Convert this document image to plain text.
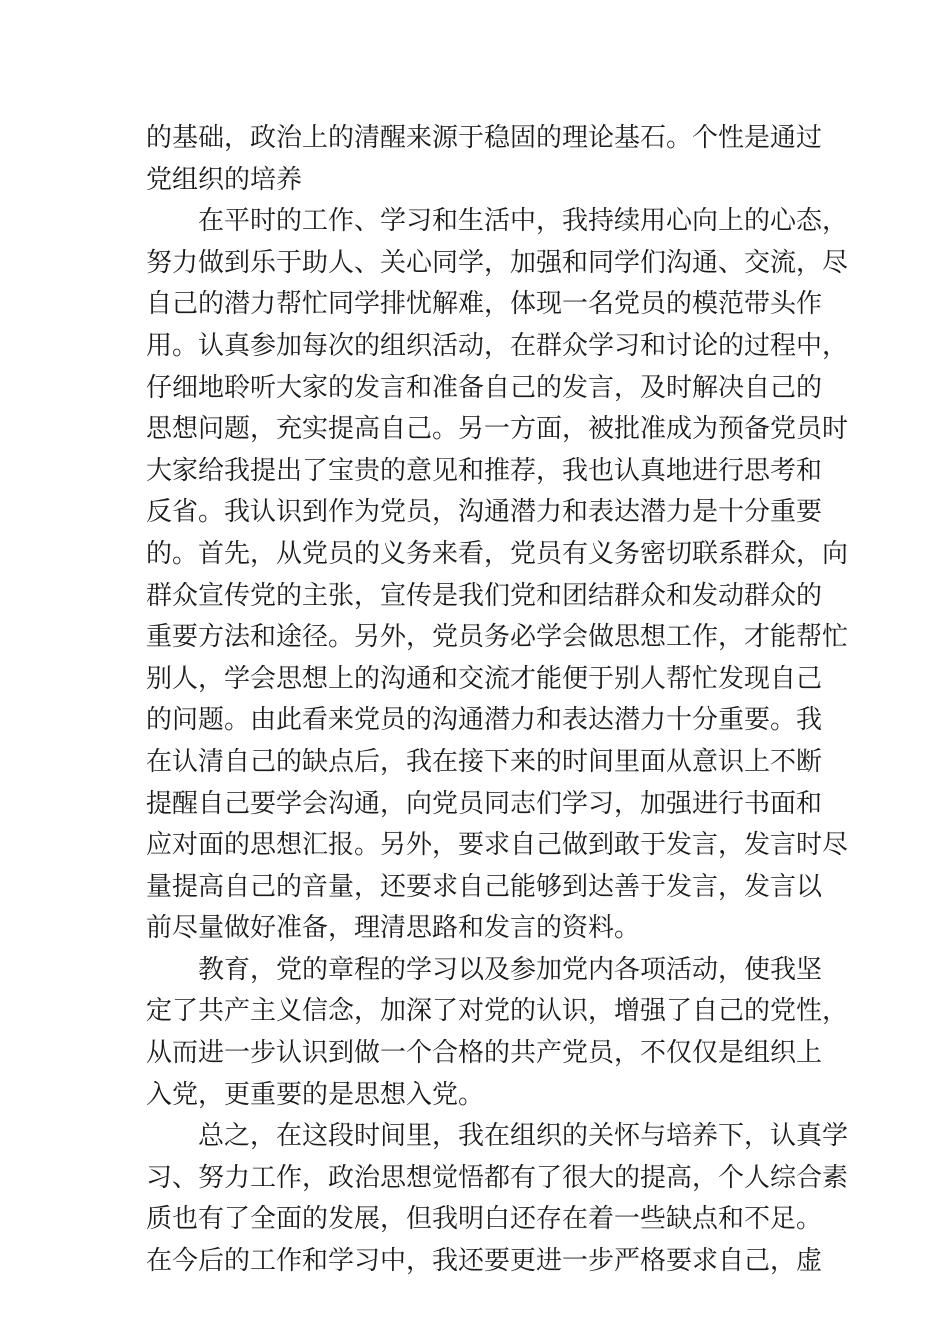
的基础，政治上的清醒来源于稳固的理论基石。个性是通过
党组织的培养
在平时的工作、学习和生活中，我持续用心向上的心态，
努力做到乐于助人、关心同学，加强和同学们沟通、交流，尽
自己的潜力帮忙同学排忧解难，体现一名党员的模范带头作
用。认真参加每次的组织活动，在群众学习和讨论的过程中，
仔细地聆听大家的发言和准备自己的发言，及时解决自己的
思想问题，充实提高自己。另一方面，被批准成为预备党员时
大家给我提出了宝贵的意见和推荐，我也认真地进行思考和
反省。我认识到作为党员，沟通潜力和表达潜力是十分重要
的。首先，从党员的义务来看，党员有义务密切联系群众，向
群众宣传党的主张，宣传是我们党和团结群众和发动群众的
重要方法和途径。另外，党员务必学会做思想工作，才能帮忙
别人，学会思想上的沟通和交流才能便于别人帮忙发现自己
的问题。由此看来党员的沟通潜力和表达潜力十分重要。我
在认清自己的缺点后，我在接下来的时间里面从意识上不断
提醒自己要学会沟通，向党员同志们学习，加强进行书面和
应对面的思想汇报。另外，要求自己做到敢于发言，发言时尽
量提高自己的音量，还要求自己能够到达善于发言，发言以
前尽量做好准备，理清思路和发言的资料。
教育，党的章程的学习以及参加党内各项活动，使我坚
定了共产主义信念，加深了对党的认识，增强了自己的党性，
从而进一步认识到做一个合格的共产党员，不仅仅是组织上
入党，更重要的是思想入党。
总之，在这段时间里，我在组织的关怀与培养下，认真学
习、努力工作，政治思想觉悟都有了很大的提高，个人综合素
质也有了全面的发展，但我明白还存在着一些缺点和不足。
在今后的工作和学习中，我还要更进一步严格要求自己，虚
